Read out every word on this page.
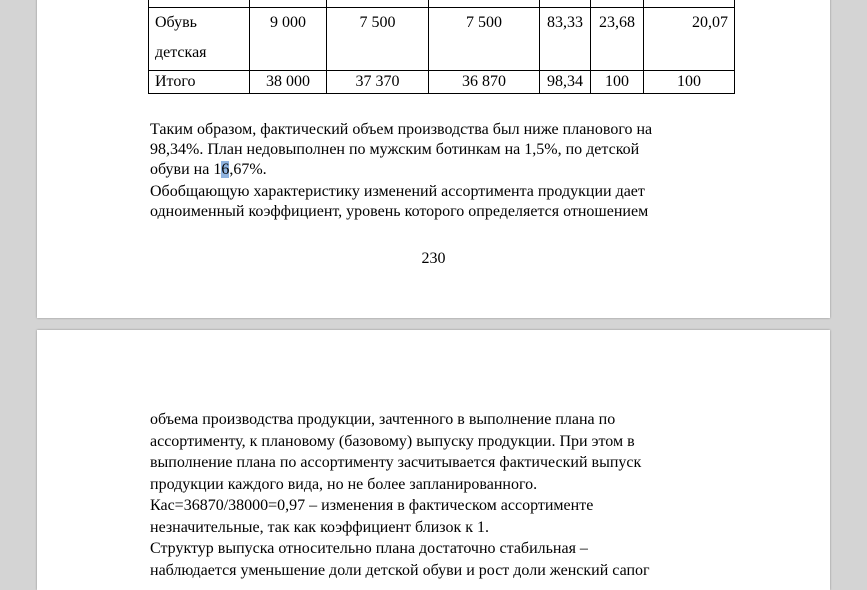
Обувь
детская	9 000	7 500	7 500	83,33	23,68	20,07
Итого	38 000	37 370	36 870	98,34	100	100
Таким образом, фактический объем производства был ниже планового на
98,34%. План недовыполнен по мужским ботинкам на 1,5%, по детской
обуви на 16,67%.
Обобщающую характеристику изменений ассортимента продукции дает
одноименный коэффициент, уровень которого определяется отношением
230
объема производства продукции, зачтенного в выполнение плана по
ассортименту, к плановому (базовому) выпуску продукции. При этом в
выполнение плана по ассортименту засчитывается фактический выпуск
продукции каждого вида, но не более запланированного.
Кас=36870/38000=0,97 – изменения в фактическом ассортименте
незначительные, так как коэффициент близок к 1.
Структур выпуска относительно плана достаточно стабильная –
наблюдается уменьшение доли детской обуви и рост доли женский сапог
